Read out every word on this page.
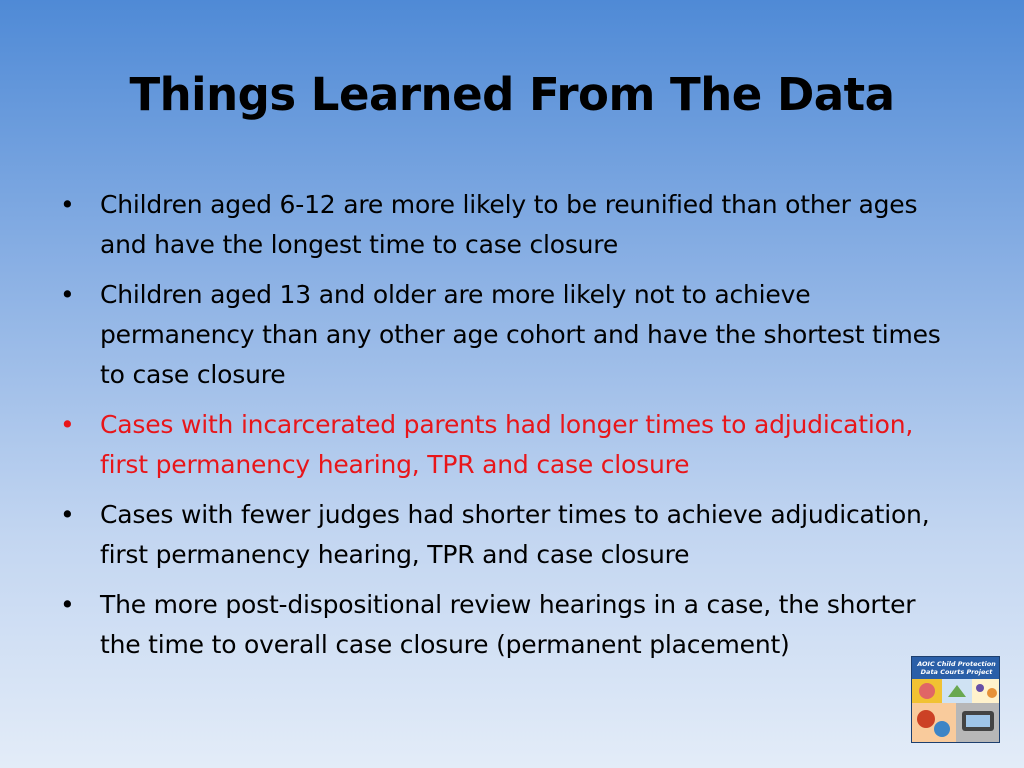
Things Learned From The Data
• Children aged 6-12 are more likely to be reunified than other ages and have the longest time to case closure
• Children aged 13 and older are more likely not to achieve permanency than any other age cohort and have the shortest times to case closure
• Cases with incarcerated parents had longer times to adjudication, first permanency hearing, TPR and case closure
• Cases with fewer judges had shorter times to achieve adjudication, first permanency hearing, TPR and case closure
• The more post-dispositional review hearings in a case, the shorter the time to overall case closure (permanent placement)
AOIC Child Protection
Data Courts Project
